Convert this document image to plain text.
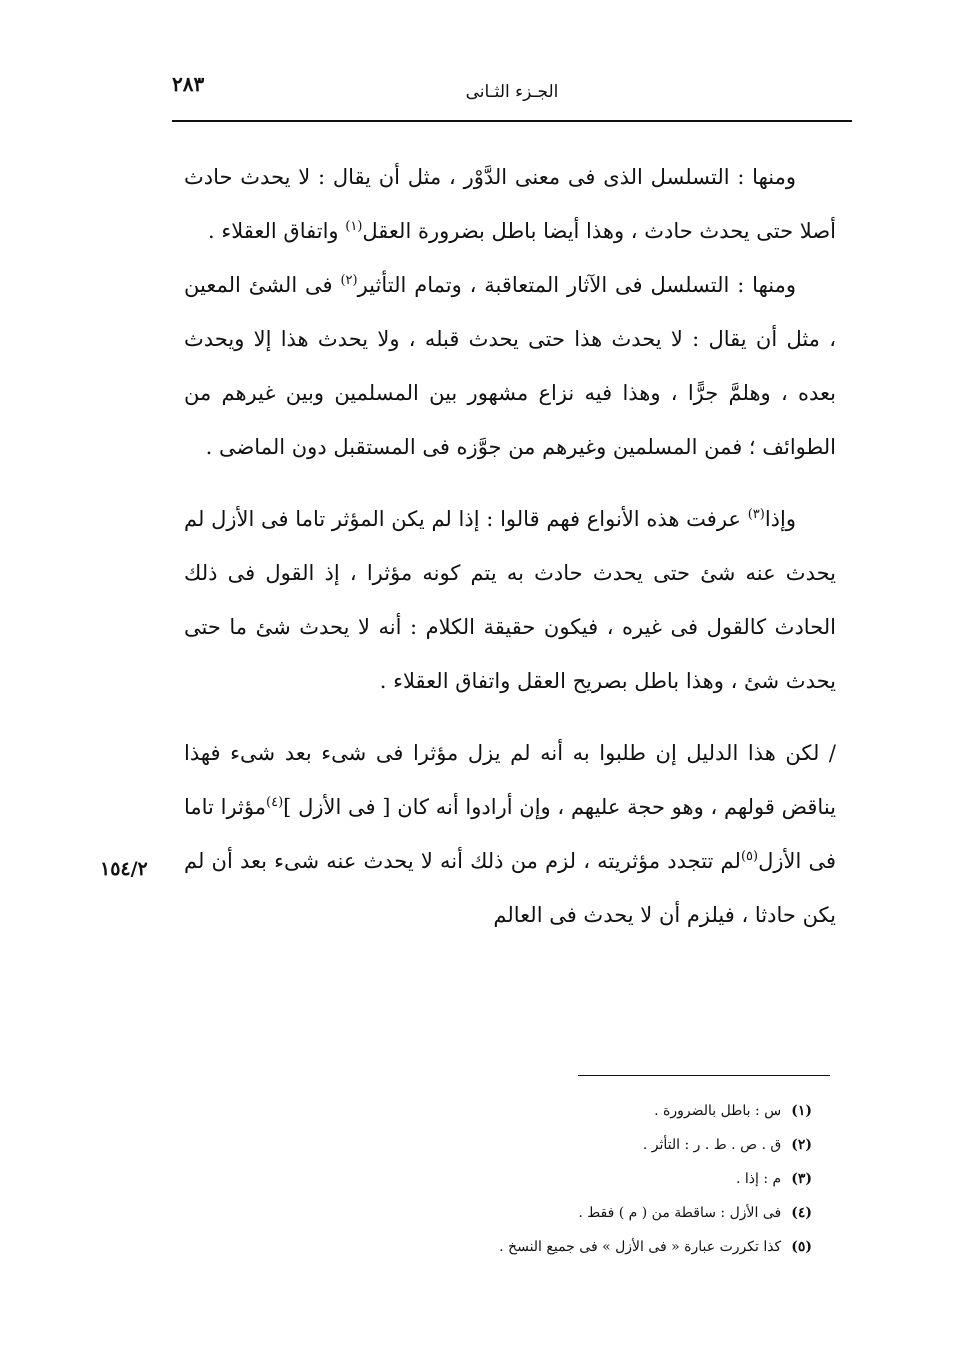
٢٨٣	الجـزء الثـانى

ومنها : التسلسل الذى فى معنى الدَّوْر ، مثل أن يقال : لا يحدث حادث أصلا حتى يحدث حادث ، وهذا أيضا باطل بضرورة العقل$^{(١)}$ واتفاق العقلاء .

ومنها : التسلسل فى الآثار المتعاقبة ، وتمام التأثير$^{(٢)}$ فى الشئ المعين ، مثل أن يقال : لا يحدث هذا حتى يحدث قبله ، ولا يحدث هذا إلا ويحدث بعده ، وهلمَّ جرًّا ، وهذا فيه نزاع مشهور بين المسلمين وبين غيرهم من الطوائف ؛ فمن المسلمين وغيرهم من جوَّزه فى المستقبل دون الماضى .

وإذا$^{(٣)}$ عرفت هذه الأنواع فهم قالوا : إذا لم يكن المؤثر تاما فى الأزل لم يحدث عنه شئ حتى يحدث حادث به يتم كونه مؤثرا ، إذ القول فى ذلك الحادث كالقول فى غيره ، فيكون حقيقة الكلام : أنه لا يحدث شئ ما حتى يحدث شئ ، وهذا باطل بصريح العقل واتفاق العقلاء .

/ لكن هذا الدليل إن طلبوا به أنه لم يزل مؤثرا فى شىء بعد شىء فهذا يناقض قولهم ، وهو حجة عليهم ، وإن أرادوا أنه كان [ فى الأزل ]$^{(٤)}$مؤثرا تاما فى الأزل$^{(٥)}$لم تتجدد مؤثريته ، لزم من ذلك أنه لا يحدث عنه شىء بعد أن لم يكن حادثا ، فيلزم أن لا يحدث فى العالم

١٥٤/٢
(١)س : باطل بالضرورة .
(٢)ق . ص . ط . ر : التأثر .
(٣)م : إذا .
(٤)فى الأزل : ساقطة من ( م ) فقط .
(٥)كذا تكررت عبارة « فى الأزل » فى جميع النسخ .
